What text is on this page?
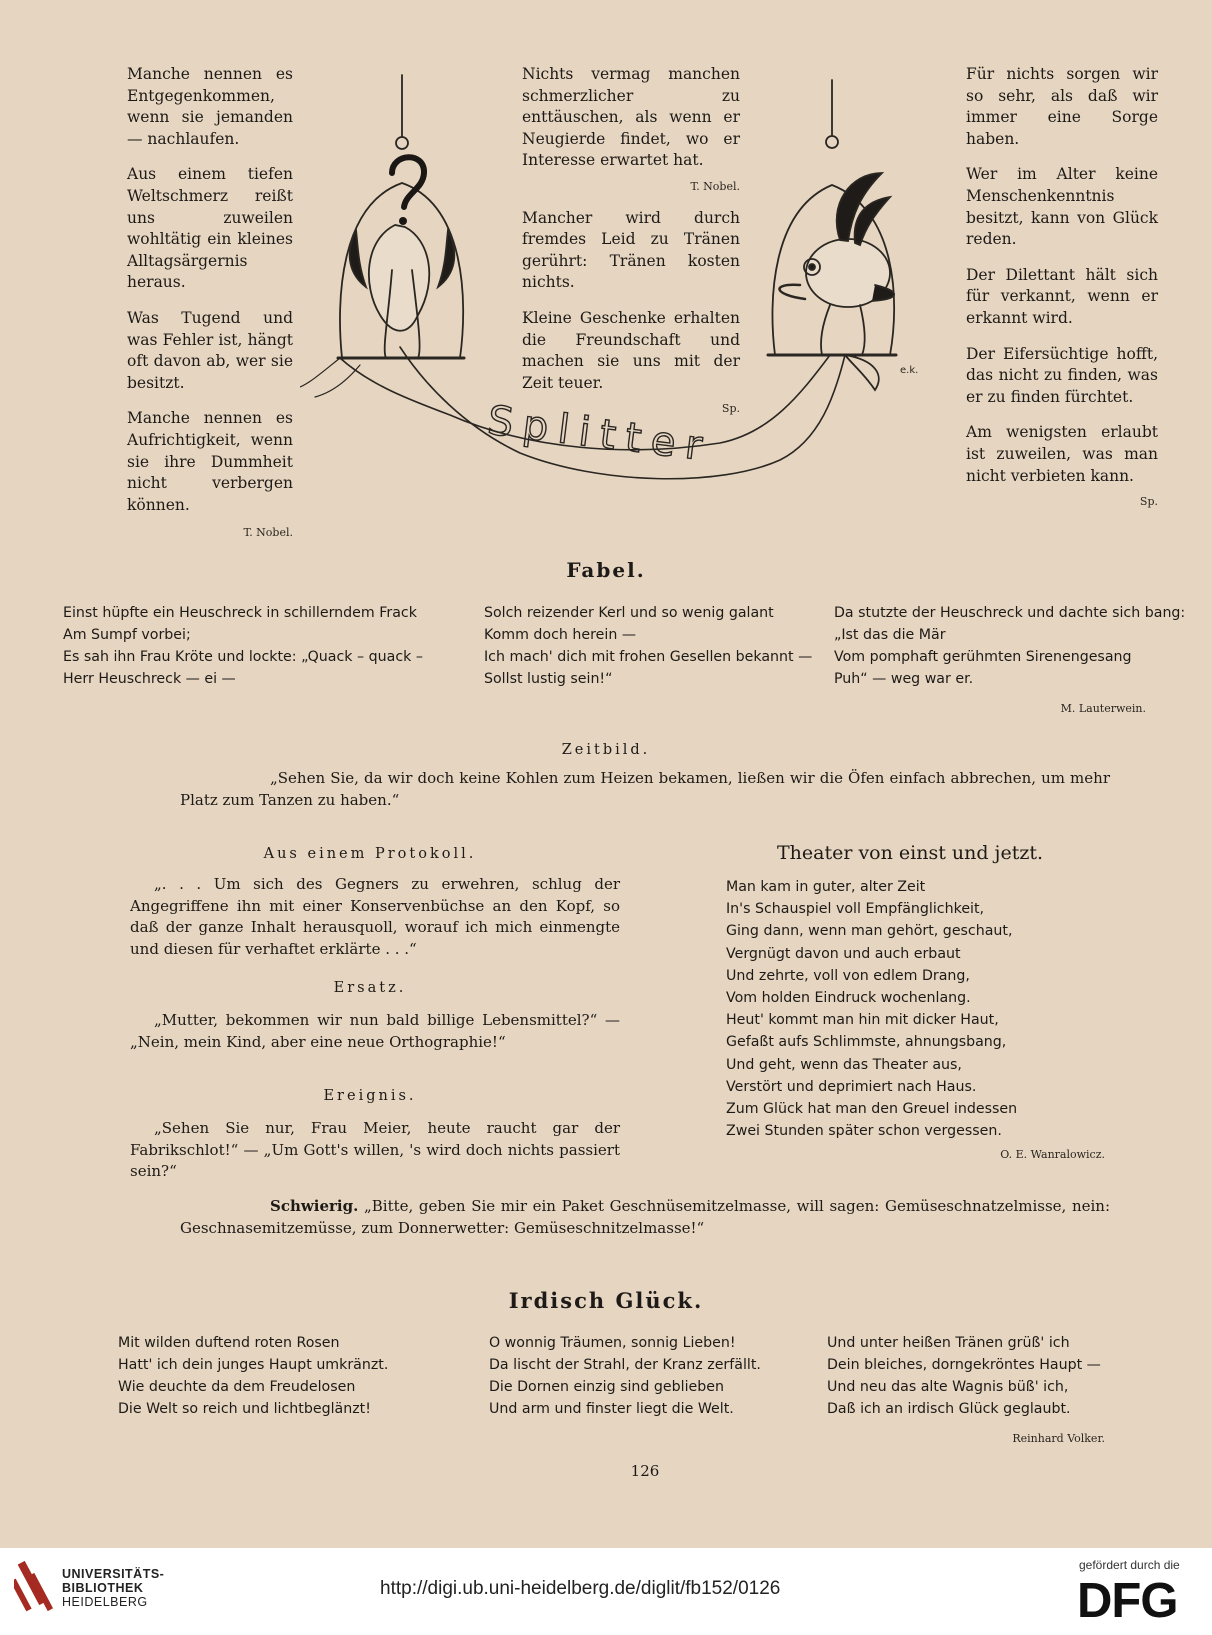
Manche nennen es Entgegenkommen, wenn sie jemanden — nachlaufen.

Aus einem tiefen Weltschmerz reißt uns zuweilen wohltätig ein kleines Alltagsärgernis heraus.

Was Tugend und was Fehler ist, hängt oft davon ab, wer sie besitzt.

Manche nennen es Aufrichtigkeit, wenn sie ihre Dummheit nicht verbergen können.

T. Nobel.

Nichts vermag manchen schmerzlicher zu enttäuschen, als wenn er Neugierde findet, wo er Interesse erwartet hat.

T. Nobel.

Mancher wird durch fremdes Leid zu Tränen gerührt: Tränen kosten nichts.

Kleine Geschenke erhalten die Freundschaft und machen sie uns mit der Zeit teuer.

Sp.

Für nichts sorgen wir so sehr, als daß wir immer eine Sorge haben.

Wer im Alter keine Menschenkenntnis besitzt, kann von Glück reden.

Der Dilettant hält sich für verkannt, wenn er erkannt wird.

Der Eifersüchtige hofft, das nicht zu finden, was er zu finden fürchtet.

Am wenigsten erlaubt ist zuweilen, was man nicht verbieten kann.

Sp.
Splitter
e.k.
Fabel.
Einst hüpfte ein Heuschreck in schillerndem Frack
Am Sumpf vorbei;
Es sah ihn Frau Kröte und lockte: „Quack – quack –
Herr Heuschreck — ei —
Solch reizender Kerl und so wenig galant
Komm doch herein —
Ich mach' dich mit frohen Gesellen bekannt —
Sollst lustig sein!“
Da stutzte der Heuschreck und dachte sich bang:
„Ist das die Mär
Vom pomphaft gerühmten Sirenengesang
Puh“ — weg war er.
M. Lauterwein.
Zeitbild.
„Sehen Sie, da wir doch keine Kohlen zum Heizen bekamen, ließen wir die Öfen einfach abbrechen, um mehr Platz zum Tanzen zu haben.“
Aus einem Protokoll.
„. . . Um sich des Gegners zu erwehren, schlug der Angegriffene ihn mit einer Konservenbüchse an den Kopf, so daß der ganze Inhalt herausquoll, worauf ich mich einmengte und diesen für verhaftet erklärte . . .“
Ersatz.
„Mutter, bekommen wir nun bald billige Lebensmittel?“ — „Nein, mein Kind, aber eine neue Orthographie!“
Ereignis.
„Sehen Sie nur, Frau Meier, heute raucht gar der Fabrikschlot!“ — „Um Gott's willen, 's wird doch nichts passiert sein?“
Theater von einst und jetzt.
Man kam in guter, alter Zeit
In's Schauspiel voll Empfänglichkeit,
Ging dann, wenn man gehört, geschaut,
Vergnügt davon und auch erbaut
Und zehrte, voll von edlem Drang,
Vom holden Eindruck wochenlang.
Heut' kommt man hin mit dicker Haut,
Gefaßt aufs Schlimmste, ahnungsbang,
Und geht, wenn das Theater aus,
Verstört und deprimiert nach Haus.
Zum Glück hat man den Greuel indessen
Zwei Stunden später schon vergessen.
O. E. Wanralowicz.
Schwierig. „Bitte, geben Sie mir ein Paket Geschnüsemitzelmasse, will sagen: Gemüseschnatzelmisse, nein: Geschnasemitzemüsse, zum Donnerwetter: Gemüseschnitzelmasse!“
Irdisch Glück.
Mit wilden duftend roten Rosen
Hatt' ich dein junges Haupt umkränzt.
Wie deuchte da dem Freudelosen
Die Welt so reich und lichtbeglänzt!
O wonnig Träumen, sonnig Lieben!
Da lischt der Strahl, der Kranz zerfällt.
Die Dornen einzig sind geblieben
Und arm und finster liegt die Welt.
Und unter heißen Tränen grüß' ich
Dein bleiches, dorngekröntes Haupt —
Und neu das alte Wagnis büß' ich,
Daß ich an irdisch Glück geglaubt.
Reinhard Volker.
126
UNIVERSITÄTS-
BIBLIOTHEK
HEIDELBERG
http://digi.ub.uni-heidelberg.de/diglit/fb152/0126
gefördert durch die
DFG
